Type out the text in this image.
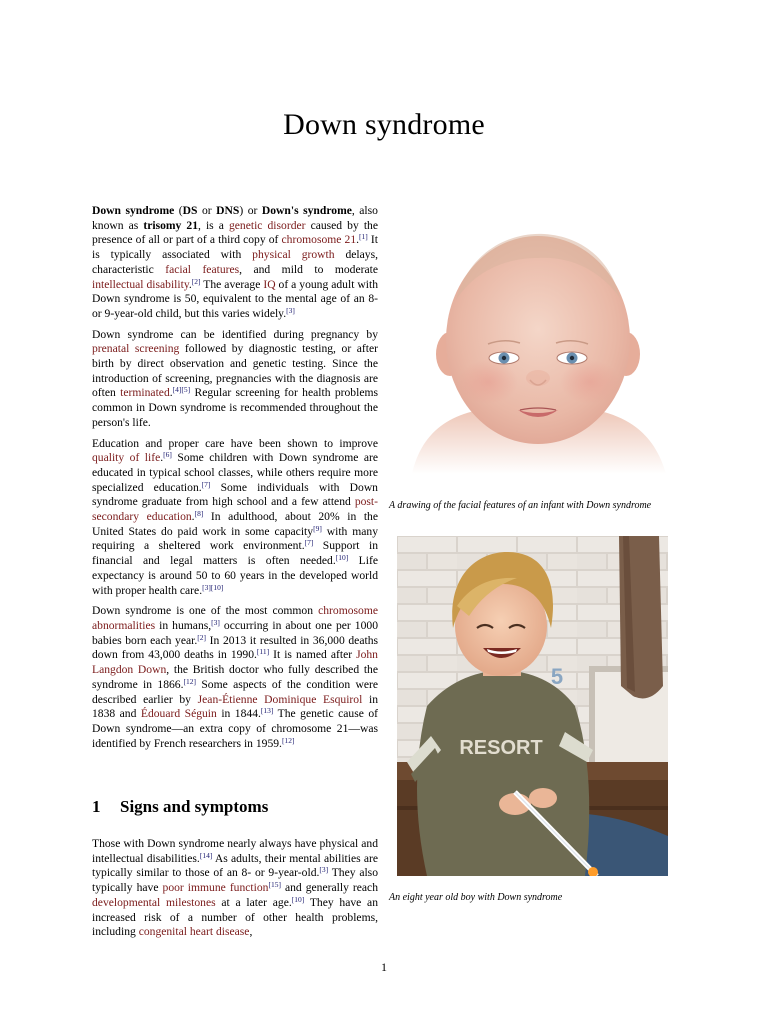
Down syndrome

Down syndrome (DS or DNS) or Down's syndrome, also known as trisomy 21, is a genetic disorder caused by the presence of all or part of a third copy of chromosome 21.[1] It is typically associated with physical growth delays, characteristic facial features, and mild to moderate intellectual disability.[2] The average IQ of a young adult with Down syndrome is 50, equivalent to the mental age of an 8- or 9-year-old child, but this varies widely.[3]

Down syndrome can be identified during pregnancy by prenatal screening followed by diagnostic testing, or after birth by direct observation and genetic testing. Since the introduction of screening, pregnancies with the diagnosis are often terminated.[4][5] Regular screening for health problems common in Down syndrome is recommended throughout the person's life.

Education and proper care have been shown to improve quality of life.[6] Some children with Down syndrome are educated in typical school classes, while others require more specialized education.[7] Some individuals with Down syndrome graduate from high school and a few attend post-secondary education.[8] In adulthood, about 20% in the United States do paid work in some capacity[9] with many requiring a sheltered work environment.[7] Support in financial and legal matters is often needed.[10] Life expectancy is around 50 to 60 years in the developed world with proper health care.[3][10]

Down syndrome is one of the most common chromosome abnormalities in humans,[3] occurring in about one per 1000 babies born each year.[2] In 2013 it resulted in 36,000 deaths down from 43,000 deaths in 1990.[11] It is named after John Langdon Down, the British doctor who fully described the syndrome in 1866.[12] Some aspects of the condition were described earlier by Jean-Étienne Dominique Esquirol in 1838 and Édouard Séguin in 1844.[13] The genetic cause of Down syndrome—an extra copy of chromosome 21—was identified by French researchers in 1959.[12]

1 Signs and symptoms

Those with Down syndrome nearly always have physical and intellectual disabilities.[14] As adults, their mental abilities are typically similar to those of an 8- or 9-year-old.[3] They also typically have poor immune function[15] and generally reach developmental milestones at a later age.[10] They have an increased risk of a number of other health problems, including congenital heart disease,

A drawing of the facial features of an infant with Down syndrome
RESORT
5
An eight year old boy with Down syndrome
1
